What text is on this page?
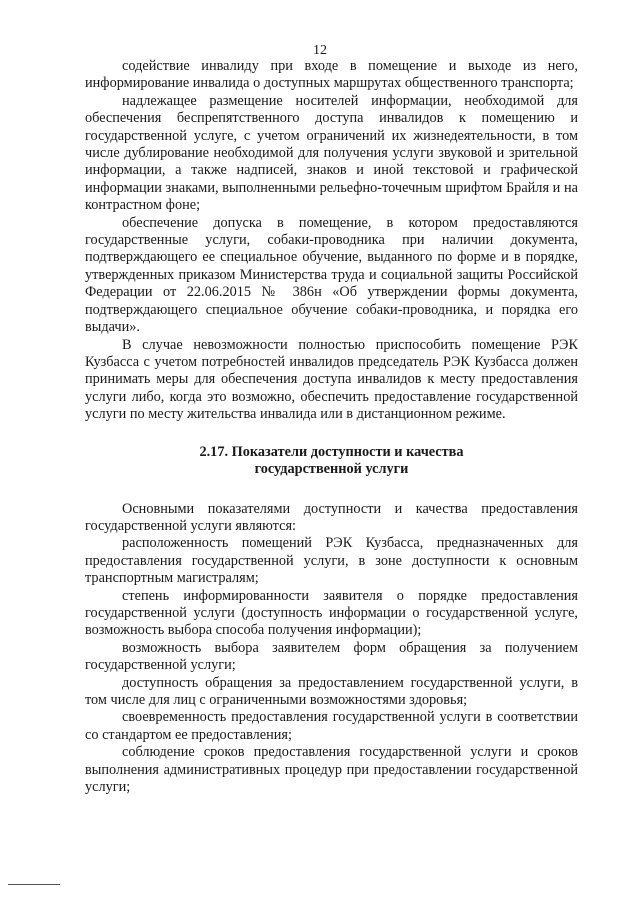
12

содействие инвалиду при входе в помещение и выходе из него, информирование инвалида о доступных маршрутах общественного транспорта;

надлежащее размещение носителей информации, необходимой для обеспечения беспрепятственного доступа инвалидов к помещению и государственной услуге, с учетом ограничений их жизнедеятельности, в том числе дублирование необходимой для получения услуги звуковой и зрительной информации, а также надписей, знаков и иной текстовой и графической информации знаками, выполненными рельефно-точечным шрифтом Брайля и на контрастном фоне;

обеспечение допуска в помещение, в котором предоставляются государственные услуги, собаки-проводника при наличии документа, подтверждающего ее специальное обучение, выданного по форме и в порядке, утвержденных приказом Министерства труда и социальной защиты Российской Федерации от 22.06.2015 № 386н «Об утверждении формы документа, подтверждающего специальное обучение собаки-проводника, и порядка его выдачи».

В случае невозможности полностью приспособить помещение РЭК Кузбасса с учетом потребностей инвалидов председатель РЭК Кузбасса должен принимать меры для обеспечения доступа инвалидов к месту предоставления услуги либо, когда это возможно, обеспечить предоставление государственной услуги по месту жительства инвалида или в дистанционном режиме.

2.17. Показатели доступности и качества
государственной услуги

Основными показателями доступности и качества предоставления государственной услуги являются:

расположенность помещений РЭК Кузбасса, предназначенных для предоставления государственной услуги, в зоне доступности к основным транспортным магистралям;

степень информированности заявителя о порядке предоставления государственной услуги (доступность информации о государственной услуге, возможность выбора способа получения информации);

возможность выбора заявителем форм обращения за получением государственной услуги;

доступность обращения за предоставлением государственной услуги, в том числе для лиц с ограниченными возможностями здоровья;

своевременность предоставления государственной услуги в соответствии со стандартом ее предоставления;

соблюдение сроков предоставления государственной услуги и сроков выполнения административных процедур при предоставлении государственной услуги;
